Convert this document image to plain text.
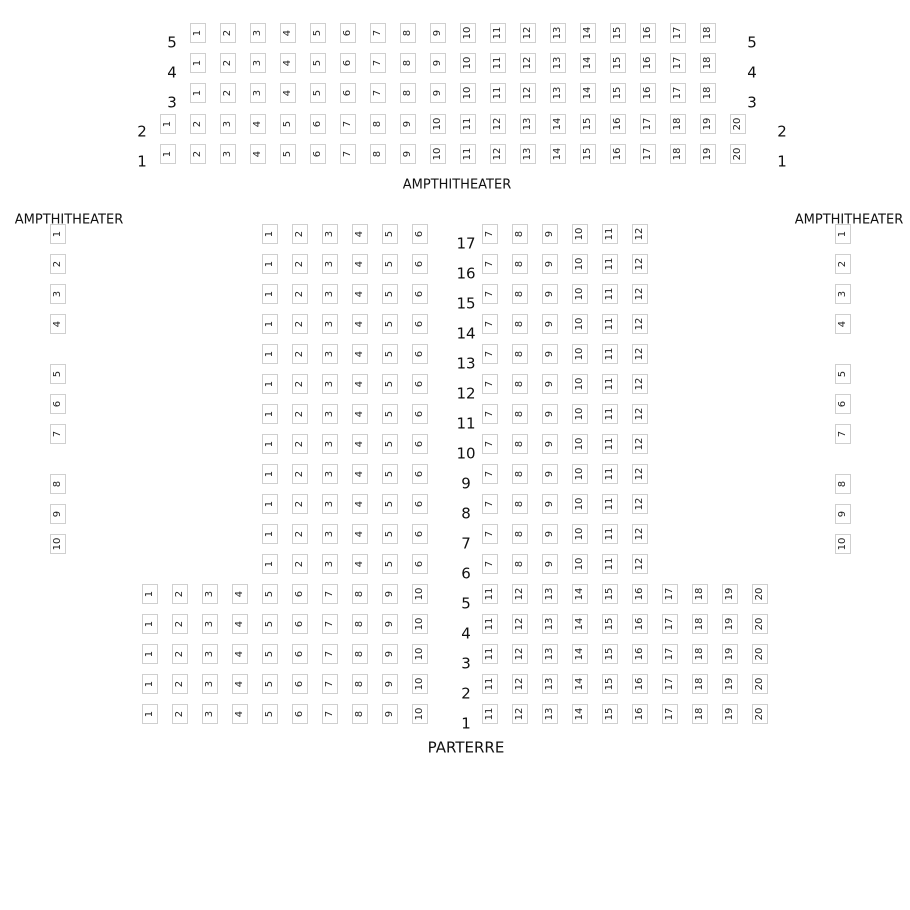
5	5
1 2 3 4 5 6 7 8 9 10 11 12 13 14 15 16 17 18
4	4
1 2 3 4 5 6 7 8 9 10 11 12 13 14 15 16 17 18
3	3
1 2 3 4 5 6 7 8 9 10 11 12 13 14 15 16 17 18
2	2
1 2 3 4 5 6 7 8 9 10 11 12 13 14 15 16 17 18 19 20
1	1
1 2 3 4 5 6 7 8 9 10 11 12 13 14 15 16 17 18 19 20
1
2
3
4
5
6
7
8
9
10
1
2
3
4
5
6
7
8
9
10
17
1 2 3 4 5 6	7 8 9 10 11 12
16
1 2 3 4 5 6	7 8 9 10 11 12
15
1 2 3 4 5 6	7 8 9 10 11 12
14
1 2 3 4 5 6	7 8 9 10 11 12
13
1 2 3 4 5 6	7 8 9 10 11 12
12
1 2 3 4 5 6	7 8 9 10 11 12
11
1 2 3 4 5 6	7 8 9 10 11 12
10
1 2 3 4 5 6	7 8 9 10 11 12
9
1 2 3 4 5 6	7 8 9 10 11 12
8
1 2 3 4 5 6	7 8 9 10 11 12
7
1 2 3 4 5 6	7 8 9 10 11 12
6
1 2 3 4 5 6	7 8 9 10 11 12
5
1 2 3 4 5 6 7 8 9 10	11 12 13 14 15 16 17 18 19 20
4
1 2 3 4 5 6 7 8 9 10	11 12 13 14 15 16 17 18 19 20
3
1 2 3 4 5 6 7 8 9 10	11 12 13 14 15 16 17 18 19 20
2
1 2 3 4 5 6 7 8 9 10	11 12 13 14 15 16 17 18 19 20
1
1 2 3 4 5 6 7 8 9 10	11 12 13 14 15 16 17 18 19 20
AMPTHITHEATER
AMPTHITHEATER	AMPTHITHEATER
PARTERRE
